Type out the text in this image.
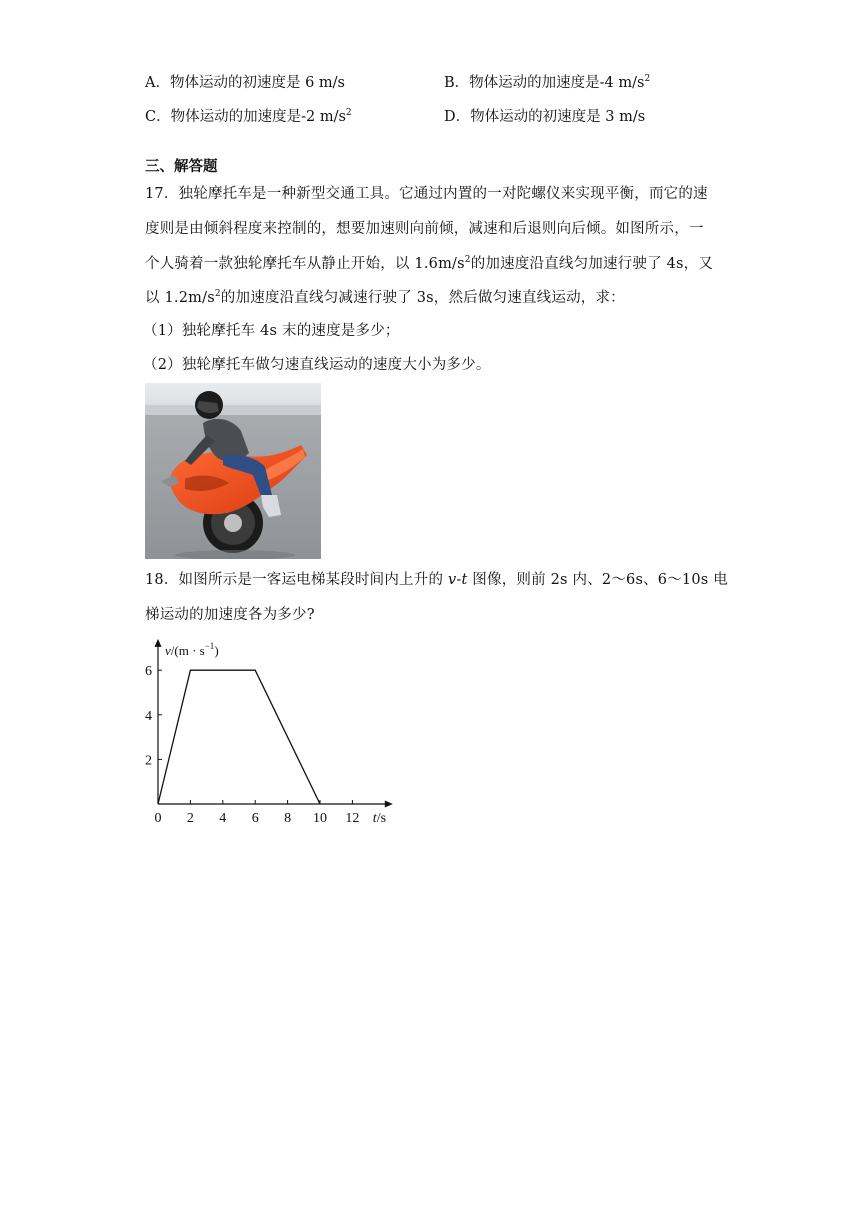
A．物体运动的初速度是 6 m/s	B．物体运动的加速度是-4 $m/s^2$
C．物体运动的加速度是-2 $m/s^2$	D．物体运动的初速度是 3 m/s
三、解答题
17．独轮摩托车是一种新型交通工具。它通过内置的一对陀螺仪来实现平衡，而它的速
度则是由倾斜程度来控制的，想要加速则向前倾，减速和后退则向后倾。如图所示，一
个人骑着一款独轮摩托车从静止开始，以 $1.6m/s^2$的加速度沿直线匀加速行驶了 4s，又
以 $1.2m/s^2$的加速度沿直线匀减速行驶了 3s，然后做匀速直线运动，求：
（1）独轮摩托车 4s 末的速度是多少；
（2）独轮摩托车做匀速直线运动的速度大小为多少。
18．如图所示是一客运电梯某段时间内上升的 v-t 图像，则前 2s 内、2～6s、6～10s 电
梯运动的加速度各为多少?
0 2 4 6 8 10 12
2
4
6
$v/(m \cdot s^{-1})$
t/s
